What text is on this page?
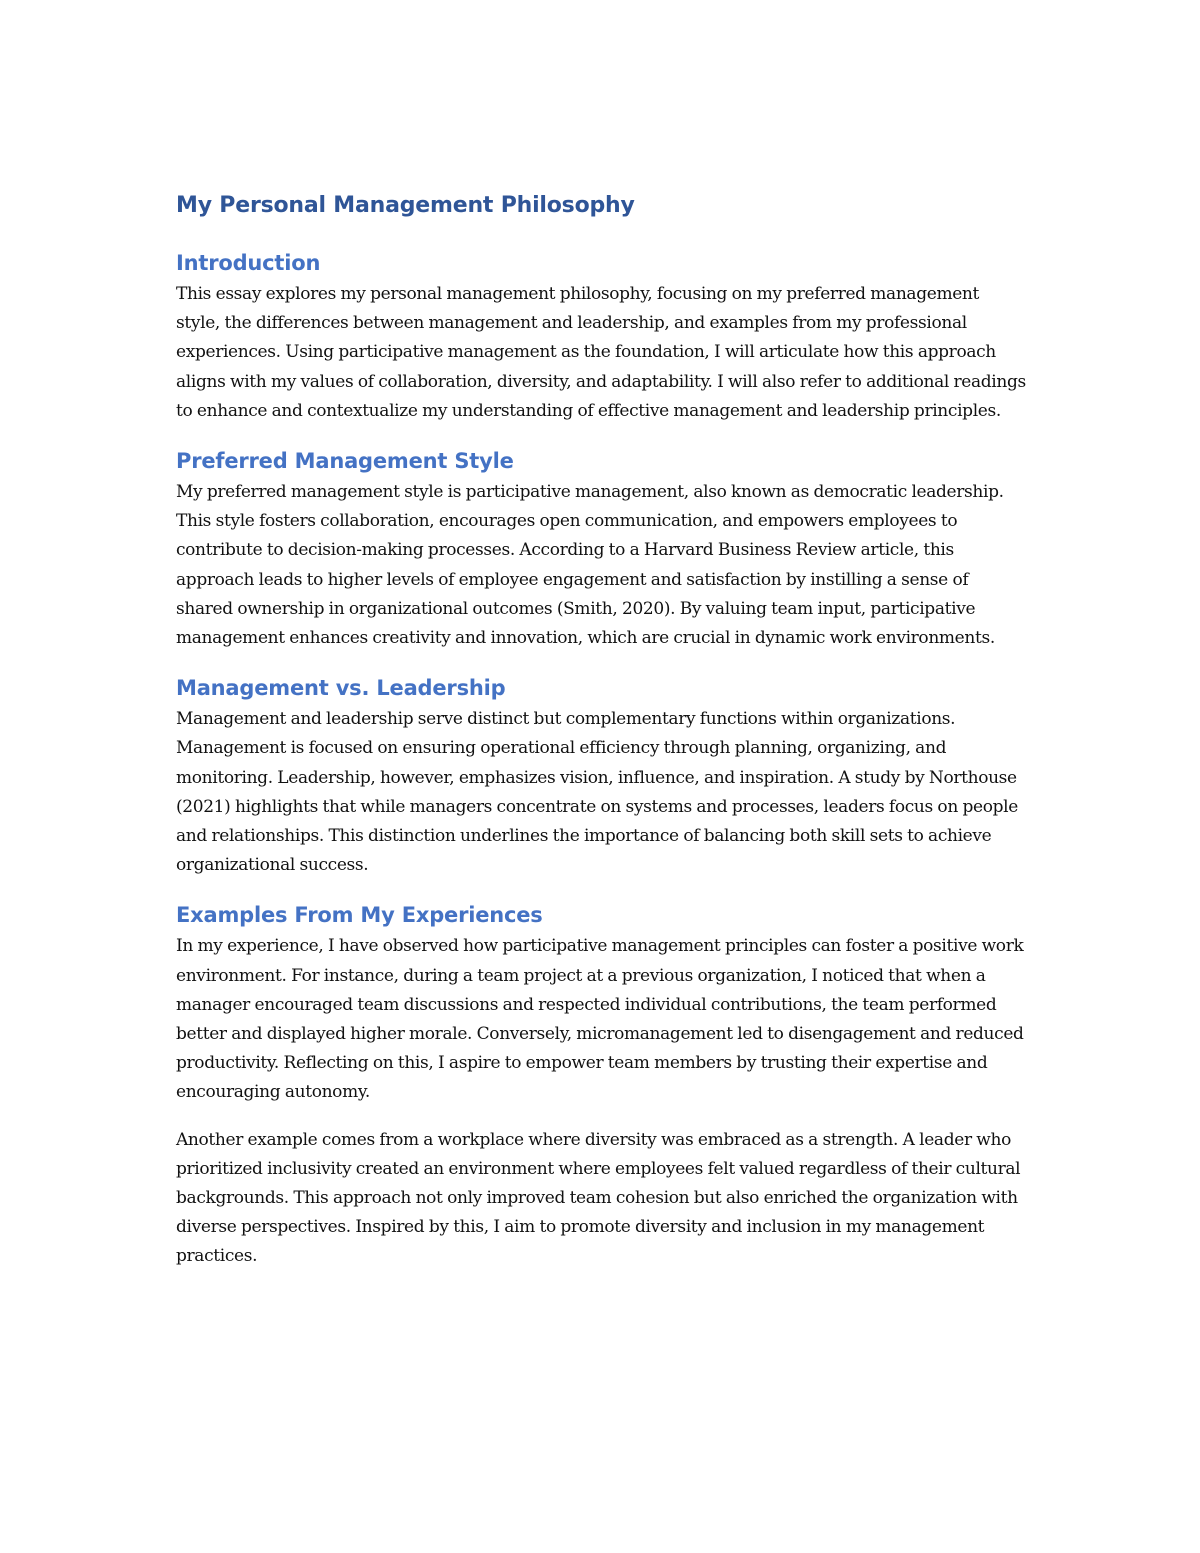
My Personal Management Philosophy
Introduction

This essay explores my personal management philosophy, focusing on my preferred management style, the differences between management and leadership, and examples from my professional experiences. Using participative management as the foundation, I will articulate how this approach aligns with my values of collaboration, diversity, and adaptability. I will also refer to additional readings to enhance and contextualize my understanding of effective management and leadership principles.

Preferred Management Style

My preferred management style is participative management, also known as democratic leadership. This style fosters collaboration, encourages open communication, and empowers employees to contribute to decision-making processes. According to a Harvard Business Review article, this approach leads to higher levels of employee engagement and satisfaction by instilling a sense of shared ownership in organizational outcomes (Smith, 2020). By valuing team input, participative management enhances creativity and innovation, which are crucial in dynamic work environments.

Management vs. Leadership

Management and leadership serve distinct but complementary functions within organizations. Management is focused on ensuring operational efficiency through planning, organizing, and monitoring. Leadership, however, emphasizes vision, influence, and inspiration. A study by Northouse (2021) highlights that while managers concentrate on systems and processes, leaders focus on people and relationships. This distinction underlines the importance of balancing both skill sets to achieve organizational success.

Examples From My Experiences

In my experience, I have observed how participative management principles can foster a positive work environment. For instance, during a team project at a previous organization, I noticed that when a manager encouraged team discussions and respected individual contributions, the team performed better and displayed higher morale. Conversely, micromanagement led to disengagement and reduced productivity. Reflecting on this, I aspire to empower team members by trusting their expertise and encouraging autonomy.

Another example comes from a workplace where diversity was embraced as a strength. A leader who prioritized inclusivity created an environment where employees felt valued regardless of their cultural backgrounds. This approach not only improved team cohesion but also enriched the organization with diverse perspectives. Inspired by this, I aim to promote diversity and inclusion in my management practices.
